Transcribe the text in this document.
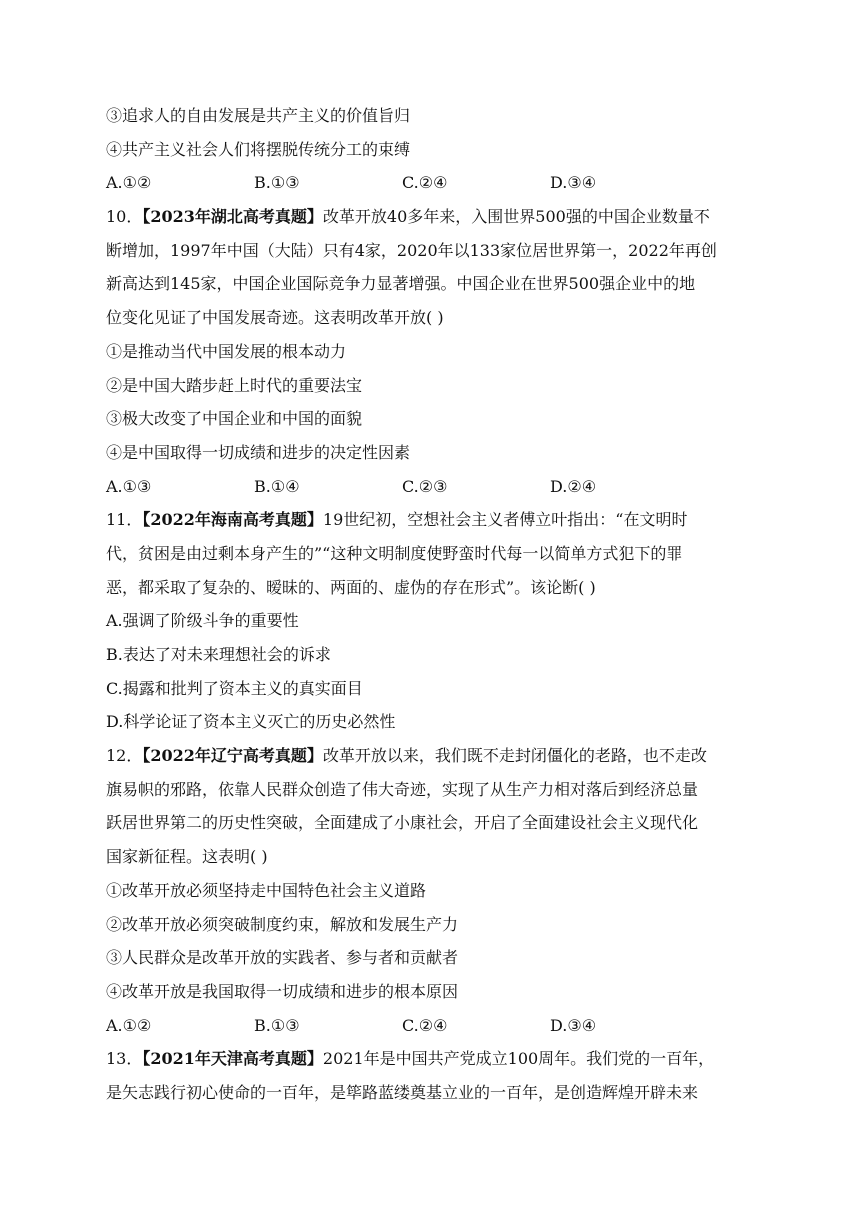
③追求人的自由发展是共产主义的价值旨归
④共产主义社会人们将摆脱传统分工的束缚
A.①②	B.①③	C.②④	D.③④
10．【2023年湖北高考真题】改革开放40多年来，入围世界500强的中国企业数量不
断增加，1997年中国（大陆）只有4家，2020年以133家位居世界第一，2022年再创
新高达到145家，中国企业国际竞争力显著增强。中国企业在世界500强企业中的地
位变化见证了中国发展奇迹。这表明改革开放( )
①是推动当代中国发展的根本动力
②是中国大踏步赶上时代的重要法宝
③极大改变了中国企业和中国的面貌
④是中国取得一切成绩和进步的决定性因素
A.①③	B.①④	C.②③	D.②④
11．【2022年海南高考真题】19世纪初，空想社会主义者傅立叶指出：“在文明时
代，贫困是由过剩本身产生的”“这种文明制度使野蛮时代每一以简单方式犯下的罪
恶，都采取了复杂的、暧昧的、两面的、虚伪的存在形式”。该论断( )
A.强调了阶级斗争的重要性
B.表达了对未来理想社会的诉求
C.揭露和批判了资本主义的真实面目
D.科学论证了资本主义灭亡的历史必然性
12．【2022年辽宁高考真题】改革开放以来，我们既不走封闭僵化的老路，也不走改
旗易帜的邪路，依靠人民群众创造了伟大奇迹，实现了从生产力相对落后到经济总量
跃居世界第二的历史性突破，全面建成了小康社会，开启了全面建设社会主义现代化
国家新征程。这表明( )
①改革开放必须坚持走中国特色社会主义道路
②改革开放必须突破制度约束，解放和发展生产力
③人民群众是改革开放的实践者、参与者和贡献者
④改革开放是我国取得一切成绩和进步的根本原因
A.①②	B.①③	C.②④	D.③④
13．【2021年天津高考真题】2021年是中国共产党成立100周年。我们党的一百年，
是矢志践行初心使命的一百年，是筚路蓝缕奠基立业的一百年，是创造辉煌开辟未来
